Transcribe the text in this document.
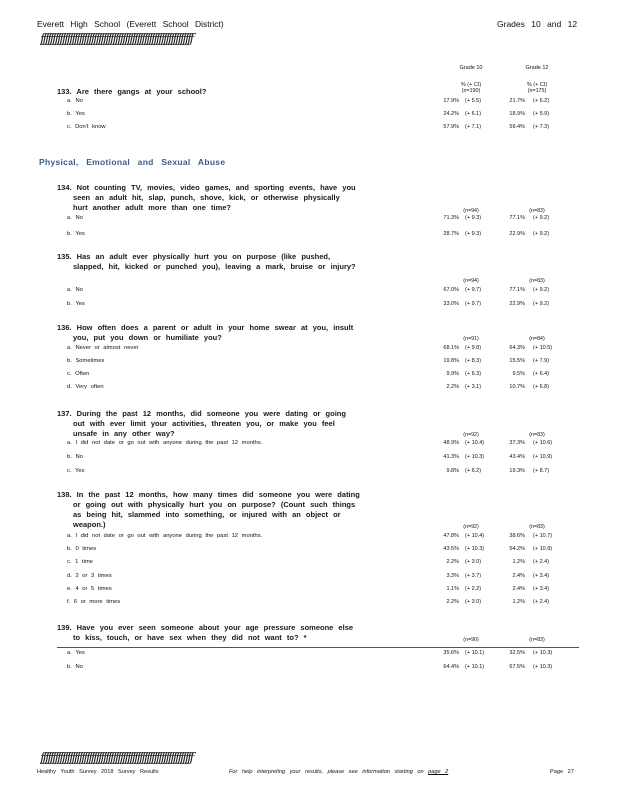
Everett High School (Everett School District)	Grades 10 and 12
ƒƒƒƒƒƒƒƒƒƒƒƒƒƒƒƒƒƒƒƒƒƒƒƒƒƒƒƒƒƒƒƒƒƒƒƒƒƒƒƒƒƒƒƒƒƒƒƒƒƒƒƒƒƒƒƒƒƒƒƒƒƒƒ
Grade 10	Grade 12
% (+ CI)	% (+ CI)
133. Are there gangs at your school?	(n=190)	(n=175)
a. No	17.9% (+ 5.5)	21.7% (+ 6.2)
b. Yes	24.2% (+ 6.1)	18.9% (+ 5.9)
c. Don't know	57.9% (+ 7.1)	59.4% (+ 7.3)
Physical, Emotional and Sexual Abuse
134. Not counting TV, movies, video games, and sporting events, have you
seen an adult hit, slap, punch, shove, kick, or otherwise physically
hurt another adult more than one time?	(n=94)	(n=83)
a. No	71.3% (+ 9.3)	77.1% (+ 9.2)
b. Yes	28.7% (+ 9.3)	22.9% (+ 9.2)
135. Has an adult ever physically hurt you on purpose (like pushed,
slapped, hit, kicked or punched you), leaving a mark, bruise or injury?
(n=94)	(n=83)
a. No	67.0% (+ 9.7)	77.1% (+ 9.2)
b. Yes	33.0% (+ 9.7)	22.9% (+ 9.2)
136. How often does a parent or adult in your home swear at you, insult
you, put you down or humiliate you?	(n=91)	(n=84)
a. Never or almost never	68.1% (+ 9.8)	64.3% (+ 10.5)
b. Sometimes	19.8% (+ 8.3)	15.5% (+ 7.9)
c. Often	9.9% (+ 6.3)	9.5% (+ 6.4)
d. Very often	2.2% (+ 3.1)	10.7% (+ 6.8)
137. During the past 12 months, did someone you were dating or going
out with ever limit your activities, threaten you, or make you feel
unsafe in any other way?	(n=92)	(n=83)
a. I did not date or go out with anyone during the past 12 months.	48.9% (+ 10.4)	37.3% (+ 10.6)
b. No	41.3% (+ 10.3)	43.4% (+ 10.9)
c. Yes	9.8% (+ 6.2)	19.3% (+ 8.7)
138. In the past 12 months, how many times did someone you were dating
or going out with physically hurt you on purpose? (Count such things
as being hit, slammed into something, or injured with an object or
weapon.)	(n=92)	(n=83)
a. I did not date or go out with anyone during the past 12 months.	47.8% (+ 10.4)	38.6% (+ 10.7)
b. 0 times	43.5% (+ 10.3)	54.2% (+ 10.9)
c. 1 time	2.2% (+ 3.0)	1.2% (+ 2.4)
d. 2 or 3 times	3.3% (+ 3.7)	2.4% (+ 3.4)
e. 4 or 5 times	1.1% (+ 2.2)	2.4% (+ 3.4)
f. 6 or more times	2.2% (+ 3.0)	1.2% (+ 2.4)
139. Have you ever seen someone about your age pressure someone else
to kiss, touch, or have sex when they did not want to? *	(n=90)	(n=83)
a. Yes	35.6% (+ 10.1)	32.5% (+ 10.3)
b. No	64.4% (+ 10.1)	67.5% (+ 10.3)
ƒƒƒƒƒƒƒƒƒƒƒƒƒƒƒƒƒƒƒƒƒƒƒƒƒƒƒƒƒƒƒƒƒƒƒƒƒƒƒƒƒƒƒƒƒƒƒƒƒƒƒƒƒƒƒƒƒƒƒƒƒƒƒ
Healthy Youth Survey 2018 Survey Results	For help interpreting your results, please see information starting on page 2	Page 27
